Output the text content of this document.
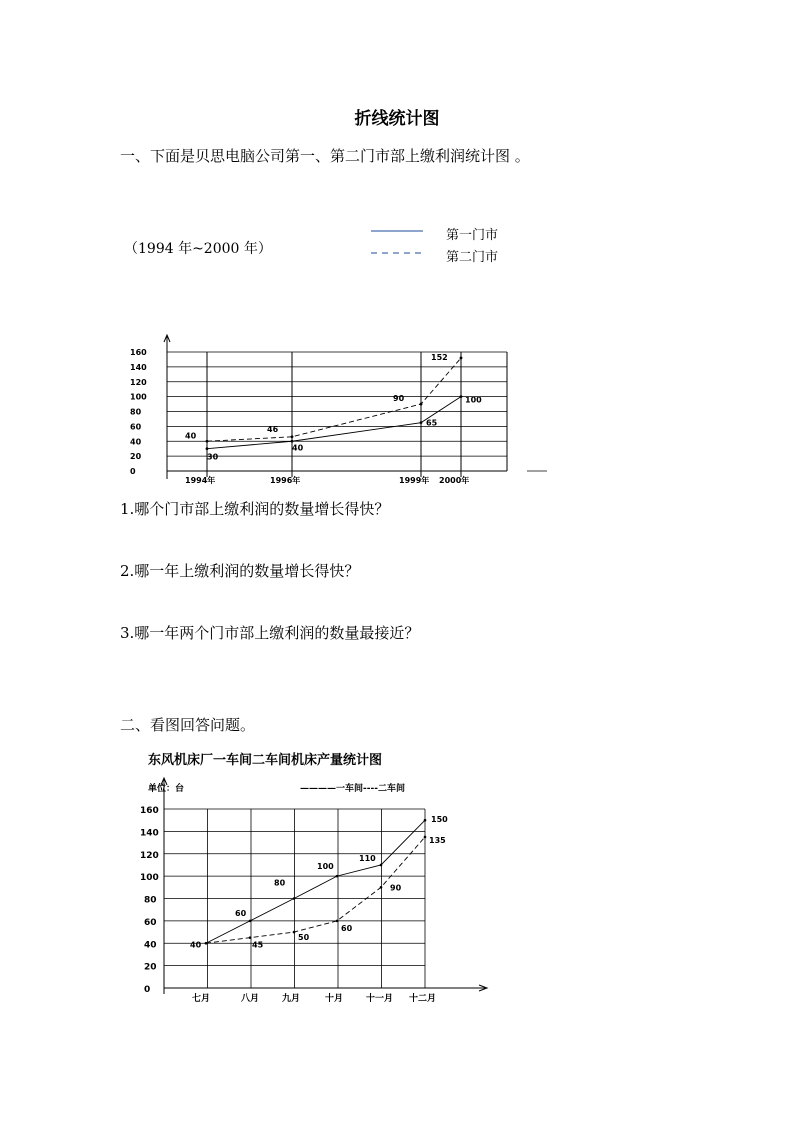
折线统计图
一、下面是贝思电脑公司第一、第二门市部上缴利润统计图 。
（1994 年~2000 年）
第一门市
第二门市
0
20
40
60
80
100
120
140
160
1994年	1996年	1999年 2000年
30
40
65
100
40
46
90
152
1.哪个门市部上缴利润的数量增长得快？
2.哪一年上缴利润的数量增长得快？
3.哪一年两个门市部上缴利润的数量最接近？
二、看图回答问题。
东风机床厂一车间二车间机床产量统计图
单位：台	————一车间----二车间
0
20
40
60
80
100
120
140
160
七月	八月	九月	十月	十一月 十二月
40
60
80
100
110
150
45
50
60
90
135
